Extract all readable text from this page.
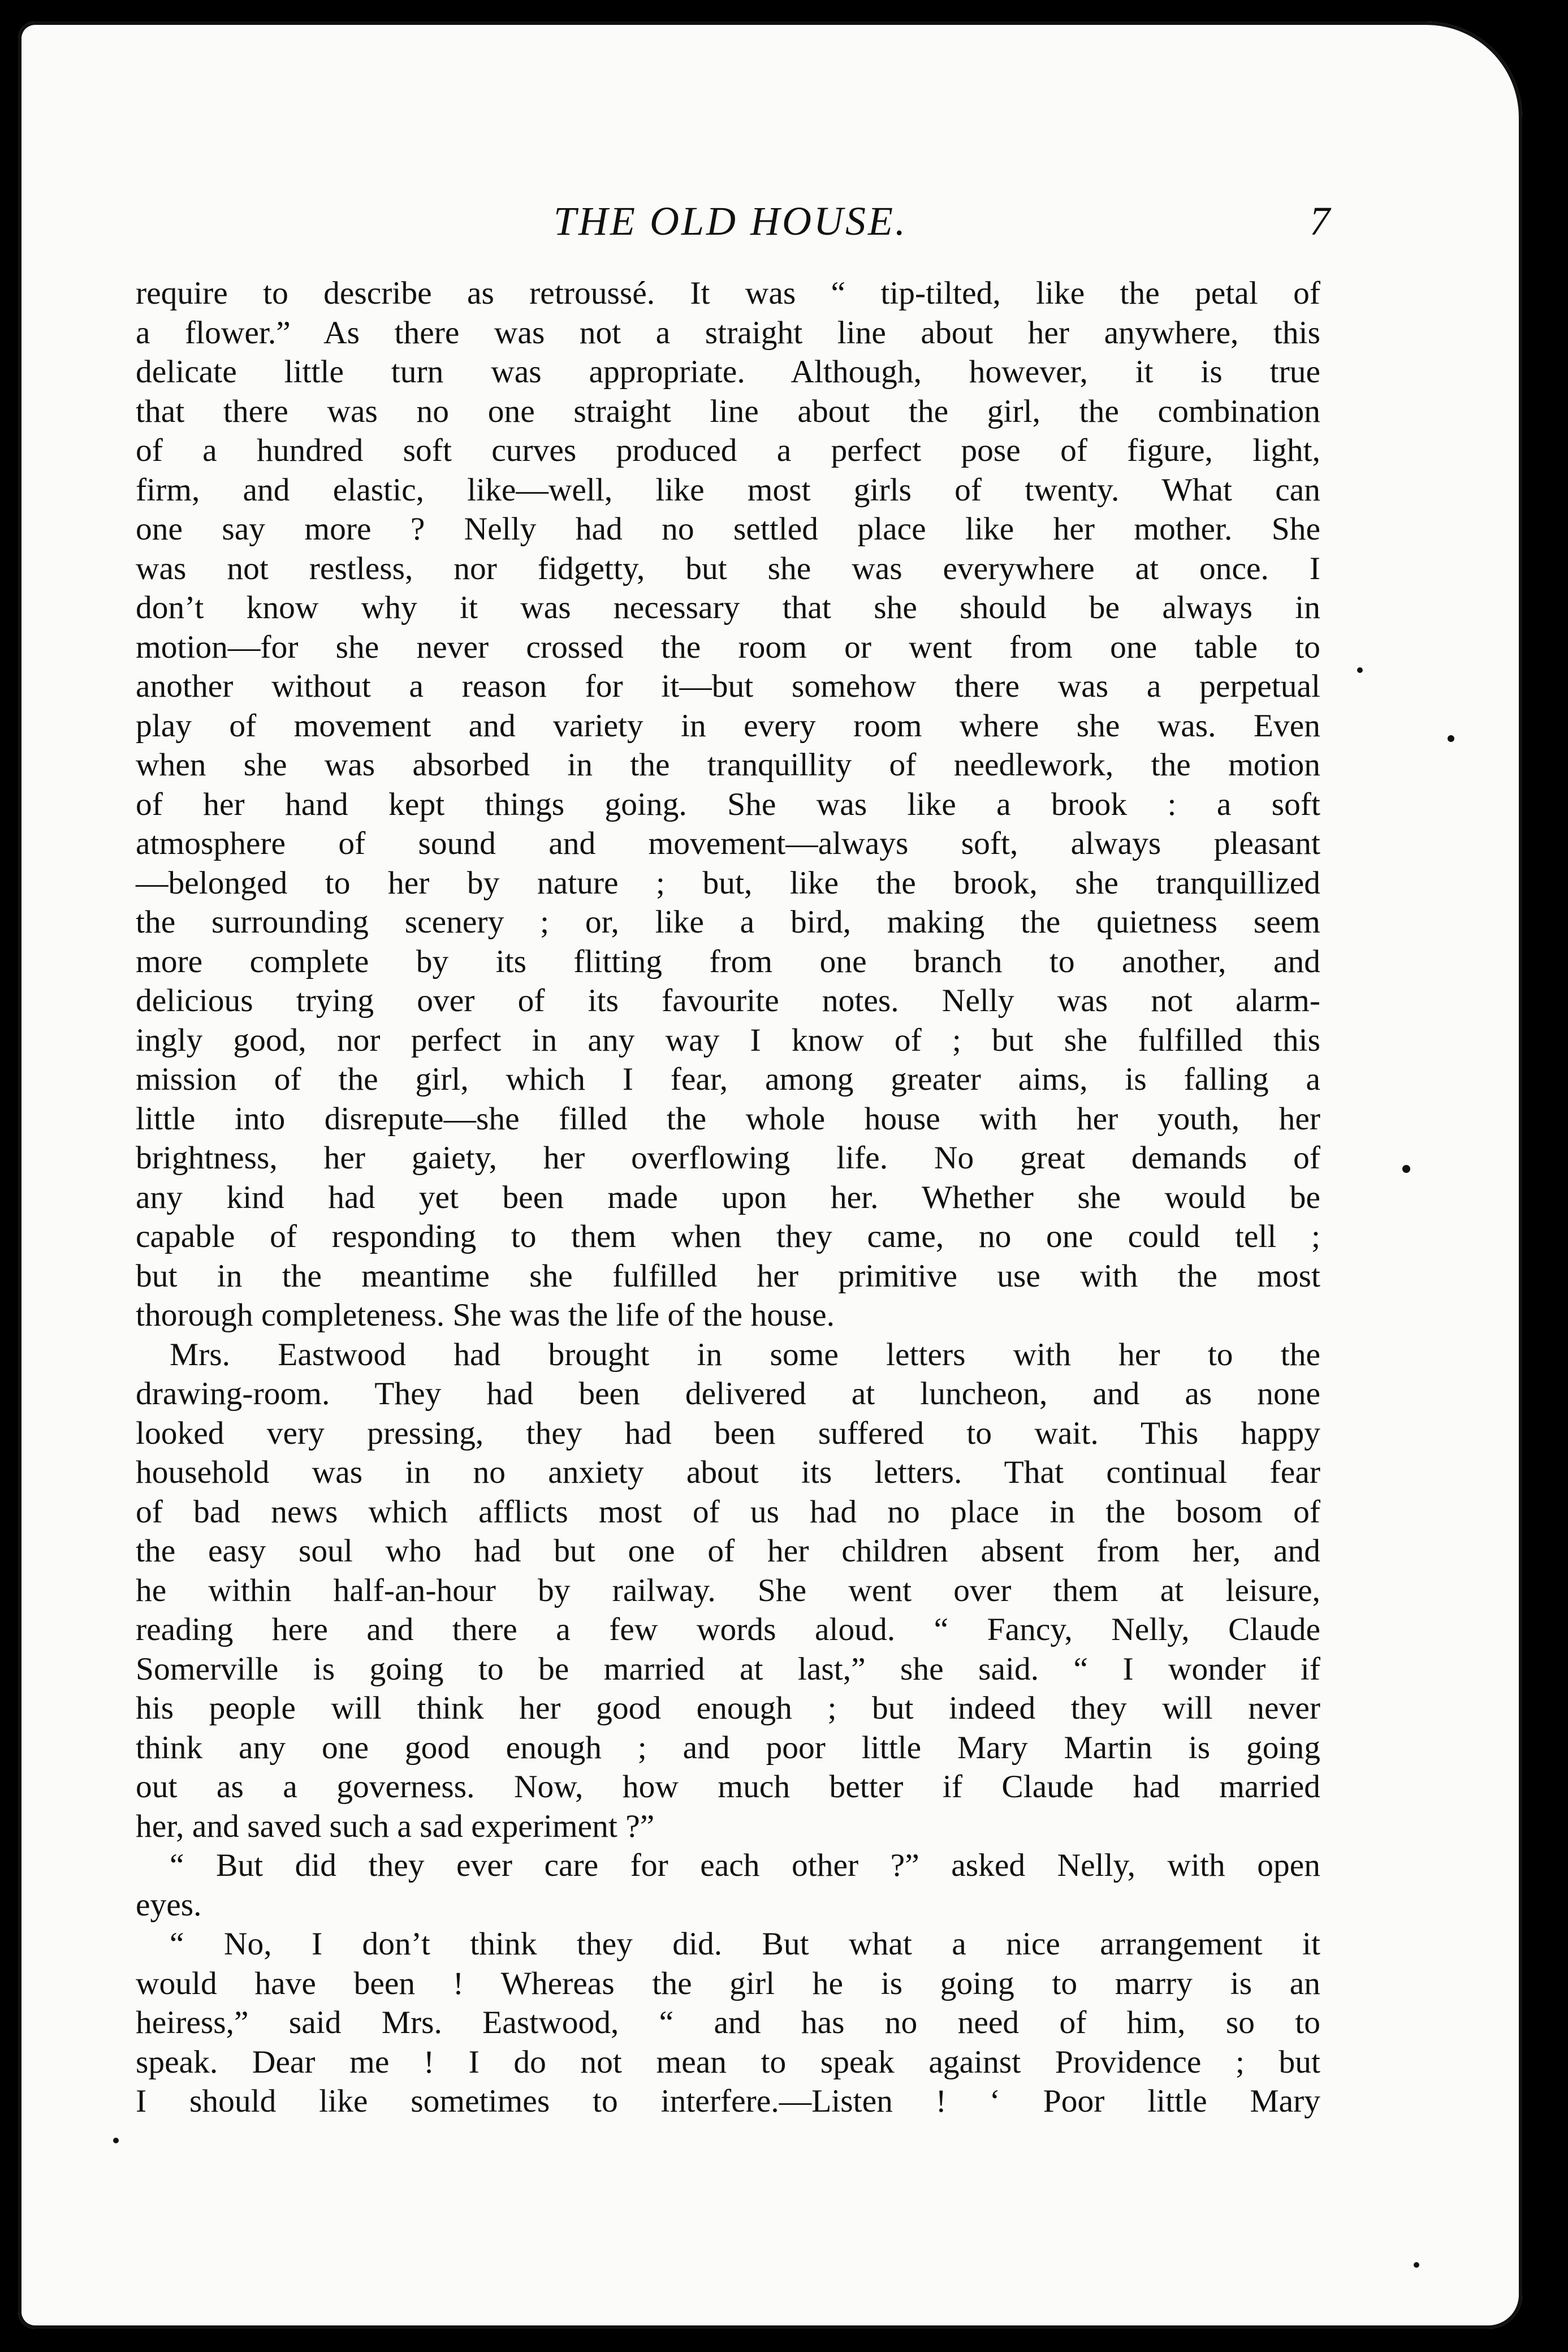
THE OLD HOUSE.	7
require to describe as retroussé. It was “ tip-tilted, like the petal of
a flower.” As there was not a straight line about her anywhere, this
delicate little turn was appropriate. Although, however, it is true
that there was no one straight line about the girl, the combination
of a hundred soft curves produced a perfect pose of figure, light,
firm, and elastic, like—well, like most girls of twenty. What can
one say more ? Nelly had no settled place like her mother. She
was not restless, nor fidgetty, but she was everywhere at once. I
don’t know why it was necessary that she should be always in
motion—for she never crossed the room or went from one table to
another without a reason for it—but somehow there was a perpetual
play of movement and variety in every room where she was. Even
when she was absorbed in the tranquillity of needlework, the motion
of her hand kept things going. She was like a brook : a soft
atmosphere of sound and movement—always soft, always pleasant
—belonged to her by nature ; but, like the brook, she tranquillized
the surrounding scenery ; or, like a bird, making the quietness seem
more complete by its flitting from one branch to another, and
delicious trying over of its favourite notes. Nelly was not alarm-
ingly good, nor perfect in any way I know of ; but she fulfilled this
mission of the girl, which I fear, among greater aims, is falling a
little into disrepute—she filled the whole house with her youth, her
brightness, her gaiety, her overflowing life. No great demands of
any kind had yet been made upon her. Whether she would be
capable of responding to them when they came, no one could tell ;
but in the meantime she fulfilled her primitive use with the most
thorough completeness. She was the life of the house.
Mrs. Eastwood had brought in some letters with her to the
drawing-room. They had been delivered at luncheon, and as none
looked very pressing, they had been suffered to wait. This happy
household was in no anxiety about its letters. That continual fear
of bad news which afflicts most of us had no place in the bosom of
the easy soul who had but one of her children absent from her, and
he within half-an-hour by railway. She went over them at leisure,
reading here and there a few words aloud. “ Fancy, Nelly, Claude
Somerville is going to be married at last,” she said. “ I wonder if
his people will think her good enough ; but indeed they will never
think any one good enough ; and poor little Mary Martin is going
out as a governess. Now, how much better if Claude had married
her, and saved such a sad experiment ?”
“ But did they ever care for each other ?” asked Nelly, with open
eyes.
“ No, I don’t think they did. But what a nice arrangement it
would have been ! Whereas the girl he is going to marry is an
heiress,” said Mrs. Eastwood, “ and has no need of him, so to
speak. Dear me ! I do not mean to speak against Providence ; but
I should like sometimes to interfere.—Listen ! ‘ Poor little Mary
